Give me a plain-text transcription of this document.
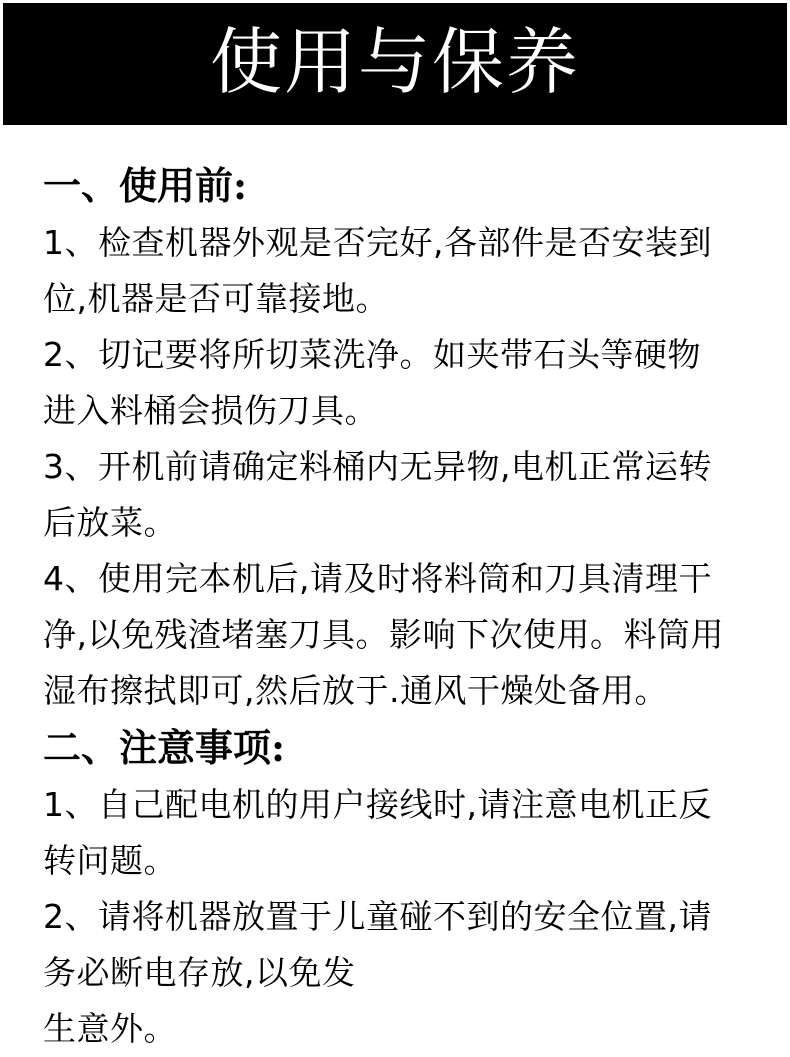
使用与保养
一、使用前:
1、检查机器外观是否完好,各部件是否安装到
位,机器是否可靠接地。
2、切记要将所切菜洗净。如夹带石头等硬物
进入料桶会损伤刀具。
3、开机前请确定料桶内无异物,电机正常运转
后放菜。
4、使用完本机后,请及时将料筒和刀具清理干
净,以免残渣堵塞刀具。影响下次使用。料筒用
湿布擦拭即可,然后放于.通风干燥处备用。
二、注意事项:
1、自己配电机的用户接线时,请注意电机正反
转问题。
2、请将机器放置于儿童碰不到的安全位置,请
务必断电存放,以免发
生意外。
